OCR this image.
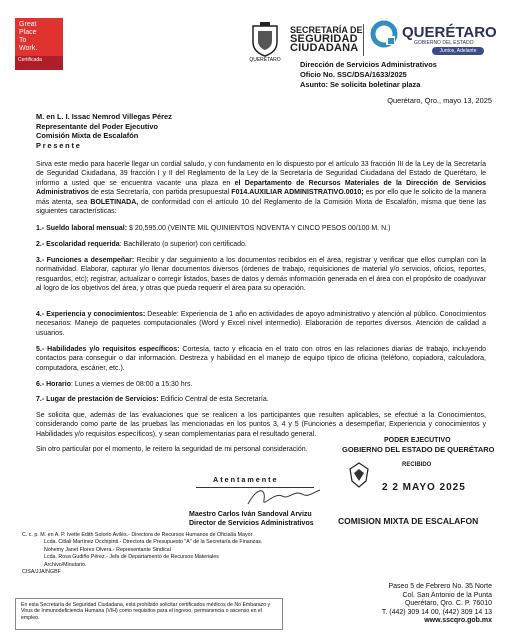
Great
Place
To
Work.
Certificada	QUERÉTARO
SECRETARÍA DE
SEGURIDAD
CIUDADANA
QUERÉTARO
GOBIERNO DEL ESTADO
Juntos, Adelante
Dirección de Servicios Administrativos
Oficio No. SSC/DSA/1633/2025
Asunto: Se solicita boletinar plaza
Querétaro, Qro., mayo 13, 2025
M. en L. I. Issac Nemrod Villegas Pérez
Representante del Poder Ejecutivo
Comisión Mixta de Escalafón
Presente
Sirva este medio para hacerle llegar un cordial saludo, y con fundamento en lo dispuesto por el artículo 33 fracción III de la Ley de la Secretaría de Seguridad Ciudadana, 39 fracción I y II del Reglamento de la Ley de la Secretaría de Seguridad Ciudadana del Estado de Querétaro, le informo a usted que se encuentra vacante una plaza en el Departamento de Recursos Materiales de la Dirección de Servicios Administrativos de esta Secretaría, con partida presupuestal F014.AUXILIAR ADMINISTRATIVO.0010; es por ello que le solicito de la manera más atenta, sea BOLETINADA, de conformidad con el artículo 10 del Reglamento de la Comisión Mixta de Escalafón, misma que tiene las siguientes características:
1.- Sueldo laboral mensual: $ 20,595.00 (VEINTE MIL QUINIENTOS NOVENTA Y CINCO PESOS 00/100 M. N.)
2.- Escolaridad requerida: Bachillerato (o superior) con certificado.
3.- Funciones a desempeñar: Recibir y dar seguimiento a los documentos recibidos en el área, registrar y verificar que ellos cumplan con la normatividad. Elaborar, capturar y/o llenar documentos diversos (órdenes de trabajo, requisiciones de material y/o servicios, oficios, reportes, resguardos, etc); registrar, actualizar o corregir listados, bases de datos y demás información generada en el área con el propósito de coadyuvar al logro de los objetivos del área, y otras que pueda requerir el área para su operación.
4.- Experiencia y conocimientos: Deseable: Experiencia de 1 año en actividades de apoyo administrativo y atención al público. Conocimientos necesarios: Manejo de paquetes computacionales (Word y Excel nivel intermedio). Elaboración de reportes diversos. Atención de calidad a usuarios.
5.- Habilidades y/o requisitos específicos: Cortesía, tacto y eficacia en el trato con otros en las relaciones diarias de trabajo, incluyendo contactos para conseguir o dar información. Destreza y habilidad en el manejo de equipo típico de oficina (teléfono, copiadora, calculadora, computadora, escáner, etc.).
6.- Horario: Lunes a viernes de 08:00 a 15:30 hrs.
7.- Lugar de prestación de Servicios: Edificio Central de esta Secretaría.
Se solicita que, además de las evaluaciones que se realicen a los participantes que resulten aplicables, se efectué a la Conocimientos, considerando como parte de las pruebas las mencionadas en los puntos 3, 4 y 5 (Funciones a desempeñar, Experiencia y conocimientos y Habilidades y/o requisitos específicos), y sean complementarias para el resultado general.
Sin otro particular por el momento, le reitero la seguridad de mi personal consideración.
Atentamente
Maestro Carlos Iván Sandoval Arvizu
Director de Servicios Administrativos
PODER EJECUTIVO
GOBIERNO DEL ESTADO DE QUERÉTARO
RECIBIDO
2 2 MAYO 2025
COMISION MIXTA DE ESCALAFON
C. c. p. M. en A. P. Ivette Edith Solorio Avilés.- Directora de Recursos Humanos de Oficialía Mayor
Lcda. Citlali Martínez Occhipinti.- Directora de Presupuesto "A" de la Secretaría de Finanzas.
Nohemy Janet Flores Olvera.- Representante Sindical
Lcda. Rosa Gudiño Pérez.- Jefa de Departamento de Recursos Materiales
Archivo/Minutario.
CISA/JJA/NGBF
En esta Secretaría de Seguridad Ciudadana, está prohibido solicitar certificados médicos de No Embarazo y Virus de Inmunodeficiencia Humana (VIH) como requisitos para el ingreso, permanencia o ascenso en el empleo.
Paseo 5 de Febrero No. 35 Norte
Col. San Antonio de la Punta
Querétaro, Qro. C. P. 76010
T. (442) 309 14 00, (442) 309 14 13
www.sscqro.gob.mx
